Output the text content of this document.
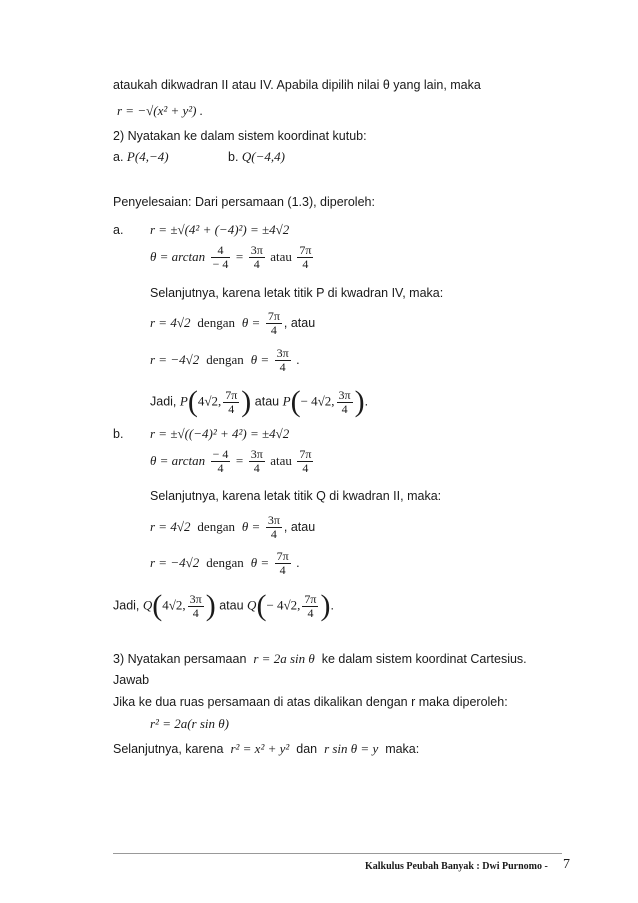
ataukah dikwadran II atau IV. Apabila dipilih nilai θ yang lain, maka
r = −√(x² + y²) .
2) Nyatakan ke dalam sistem koordinat kutub:
a. P(4,−4)	b. Q(−4,4)
Penyelesaian: Dari persamaan (1.3), diperoleh:
a. r = ±√(4² + (−4)²) = ±4√2
$\theta = \arctan \frac{4}{- 4} = \frac{3\pi}{4}$ atau $\frac{7\pi}{4}$
Selanjutnya, karena letak titik P di kwadran IV, maka:
r = 4√2 dengan $\theta = \frac{7\pi}{4}$ , atau
r = −4√2 dengan $\theta = \frac{3\pi}{4}$ .
Jadi, P(4√2, $\frac{7\pi}{4}$ ) atau P(− 4√2, $\frac{3\pi}{4}$ ).
b. r = ±√((−4)² + 4²) = ±4√2
$\theta = \arctan \frac{- 4}{4} = \frac{3\pi}{4}$ atau $\frac{7\pi}{4}$
Selanjutnya, karena letak titik Q di kwadran II, maka:
r = 4√2 dengan $\theta = \frac{3\pi}{4}$ , atau
r = −4√2 dengan $\theta = \frac{7\pi}{4}$ .
Jadi, Q(4√2, $\frac{3\pi}{4}$ ) atau Q(− 4√2, $\frac{7\pi}{4}$ ).
3) Nyatakan persamaan r = 2a sin θ ke dalam sistem koordinat Cartesius.
Jawab
Jika ke dua ruas persamaan di atas dikalikan dengan r maka diperoleh:
r² = 2a(r sin θ)
Selanjutnya, karena r² = x² + y² dan r sin θ = y maka:
Kalkulus Peubah Banyak : Dwi Purnomo - 7
